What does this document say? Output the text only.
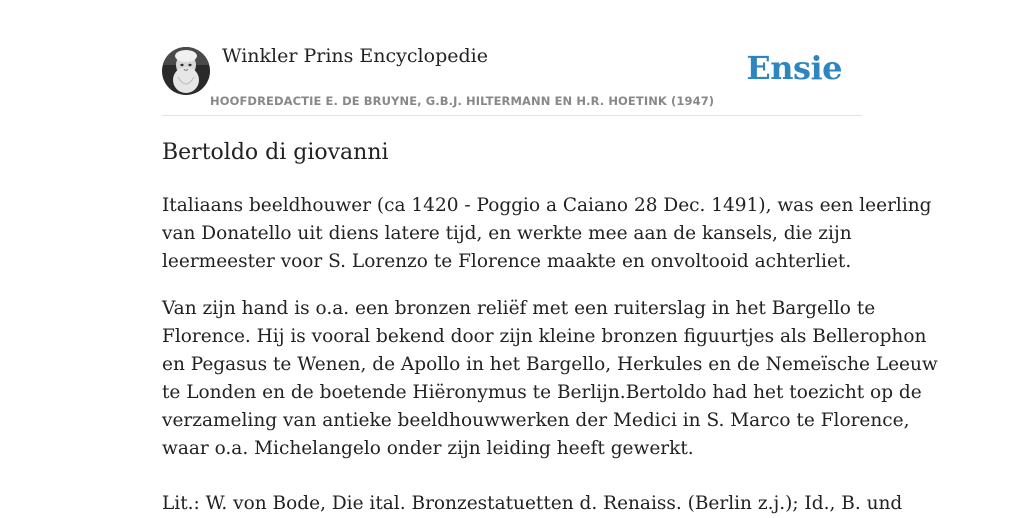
Winkler Prins Encyclopedie
HOOFDREDACTIE E. DE BRUYNE, G.B.J. HILTERMANN EN H.R. HOETINK (1947)
Ensie
Bertoldo di giovanni

Italiaans beeldhouwer (ca 1420 - Poggio a Caiano 28 Dec. 1491), was een leerling
van Donatello uit diens latere tijd, en werkte mee aan de kansels, die zijn
leermeester voor S. Lorenzo te Florence maakte en onvoltooid achterliet.

Van zijn hand is o.a. een bronzen reliëf met een ruiterslag in het Bargello te
Florence. Hij is vooral bekend door zijn kleine bronzen figuurtjes als Bellerophon
en Pegasus te Wenen, de Apollo in het Bargello, Herkules en de Nemeïsche Leeuw
te Londen en de boetende Hiëronymus te Berlijn.Bertoldo had het toezicht op de
verzameling van antieke beeldhouwwerken der Medici in S. Marco te Florence,
waar o.a. Michelangelo onder zijn leiding heeft gewerkt.

Lit.: W. von Bode, Die ital. Bronzestatuetten d. Renaiss. (Berlin z.j.); Id., B. und
